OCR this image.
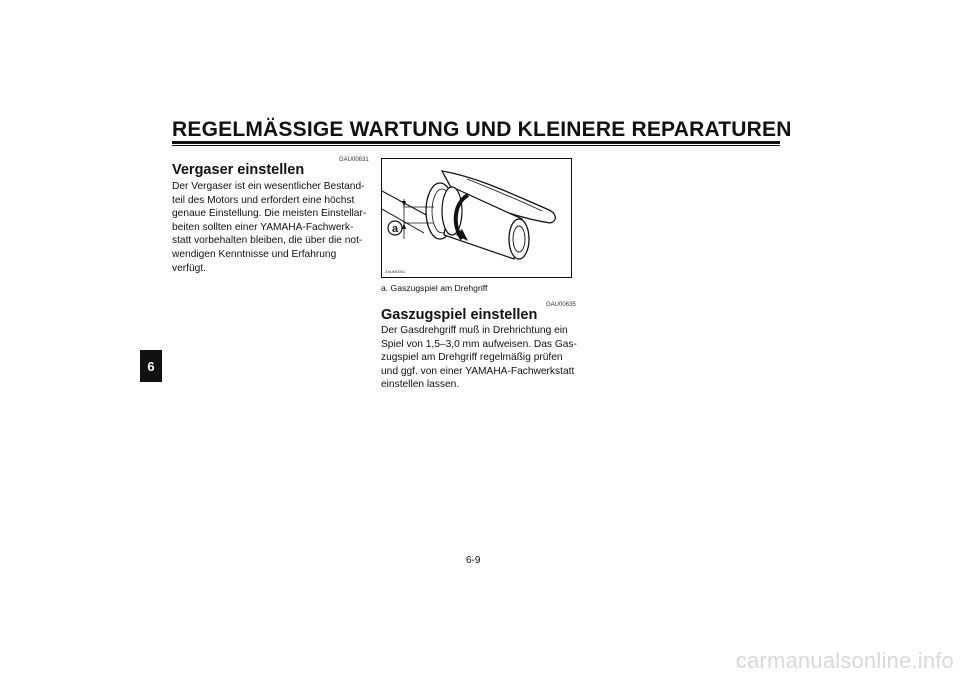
REGELMÄSSIGE WARTUNG UND KLEINERE REPARATUREN
6
GAU00631
Vergaser einstellen
Der Vergaser ist ein wesentlicher Bestand-
teil des Motors und erfordert eine höchst
genaue Einstellung. Die meisten Einstellar-
beiten sollten einer YAMAHA-Fachwerk-
statt vorbehalten bleiben, die über die not-
wendigen Kenntnisse und Erfahrung
verfügt.
a
ZAUM0051
a. Gaszugspiel am Drehgriff
GAU00635
Gaszugspiel einstellen
Der Gasdrehgriff muß in Drehrichtung ein
Spiel von 1,5–3,0 mm aufweisen. Das Gas-
zugspiel am Drehgriff regelmäßig prüfen
und ggf. von einer YAMAHA-Fachwerkstatt
einstellen lassen.
6-9
carmanualsonline.info
